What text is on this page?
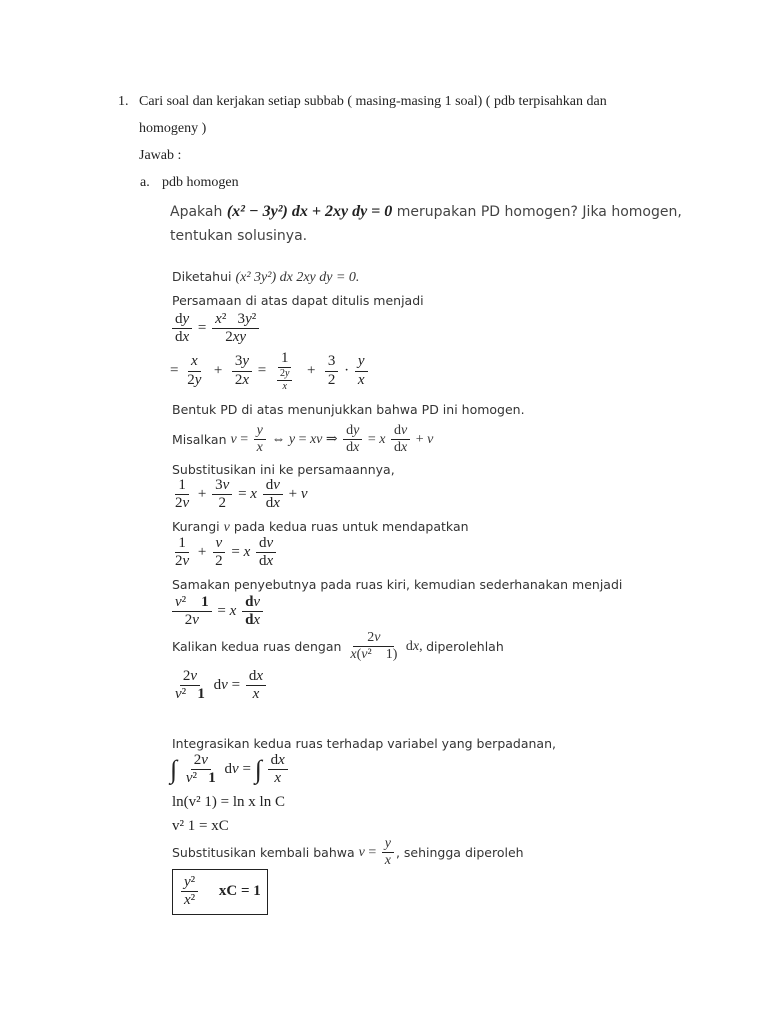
1. Cari soal dan kerjakan setiap subbab ( masing-masing 1 soal) ( pdb terpisahkan dan
homogeny )
Jawab :
a. pdb homogen
Apakah (x² − 3y²) dx + 2xy dy = 0 merupakan PD homogen? Jika homogen,
tentukan solusinya.
Diketahui (x² 3y²) dx 2xy dy = 0.
Persamaan di atas dapat ditulis menjadi
$\frac{dy}{dx} = \frac{\text{x²   3y²}}{2xy}$
= $\frac{x}{2y} + \frac{3y}{2x} = \frac{1}{\frac{2y}{x}} + \frac{3}{2} \cdot \frac{y}{x}$
Bentuk PD di atas menunjukkan bahwa PD ini homogen.
Misalkan $v = \frac{y}{x}$ ⇔ y = xv ⇒ $\frac{dy}{dx} = x \frac{dv}{dx} + v$
Substitusikan ini ke persamaannya,
$\frac{1}{2v} + \frac{3v}{2} = x \frac{dv}{dx} + v$
Kurangi v pada kedua ruas untuk mendapatkan
$\frac{1}{2v} + \frac{v}{2} = x \frac{dv}{dx}$
Samakan penyebutnya pada ruas kiri, kemudian sederhanakan menjadi
$\frac{\text{v²    1}}{2v} = x \frac{dv}{dx}$
Kalikan kedua ruas dengan $\frac{2v}{\text{x(v²    1)}}$ dx, diperolehlah
$\frac{2v}{\text{v²   1}}$ dv = $\frac{dx}{x}$
Integrasikan kedua ruas terhadap variabel yang berpadanan,
∫ $\frac{2v}{\text{v²   1}}$ dv = ∫ $\frac{dx}{x}$
ln(v² 1) = ln x ln C
v² 1 = xC
Substitusikan kembali bahwa $v = \frac{y}{x}$ , sehingga diperoleh
$\frac{\text{y²}}{\text{x²}}$ xC = 1
